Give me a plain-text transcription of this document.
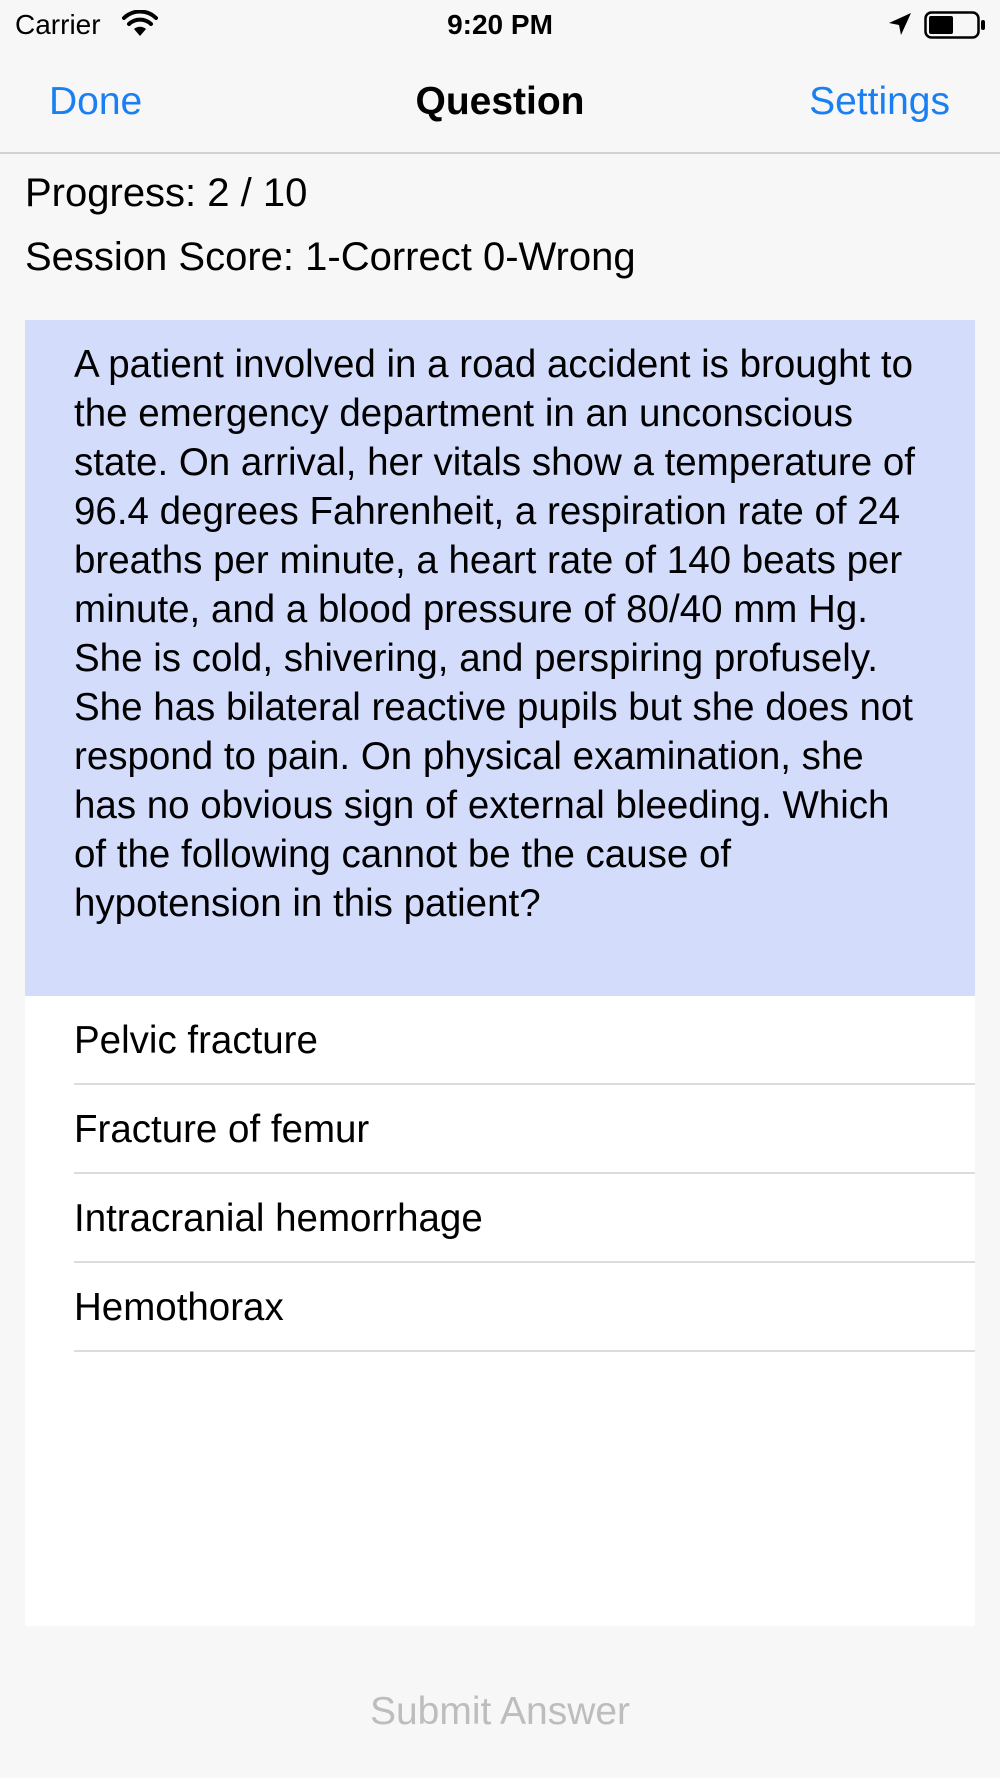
Carrier	9:20 PM
Done	Question	Settings
Progress: 2 / 10
Session Score: 1-Correct 0-Wrong
A patient involved in a road accident is brought to the emergency department in an unconscious state. On arrival, her vitals show a temperature of 96.4 degrees Fahrenheit, a respiration rate of 24 breaths per minute, a heart rate of 140 beats per minute, and a blood pressure of 80/40 mm Hg. She is cold, shivering, and perspiring profusely. She has bilateral reactive pupils but she does not respond to pain. On physical examination, she has no obvious sign of external bleeding. Which of the following cannot be the cause of hypotension in this patient?
Pelvic fracture
Fracture of femur
Intracranial hemorrhage
Hemothorax
Submit Answer
